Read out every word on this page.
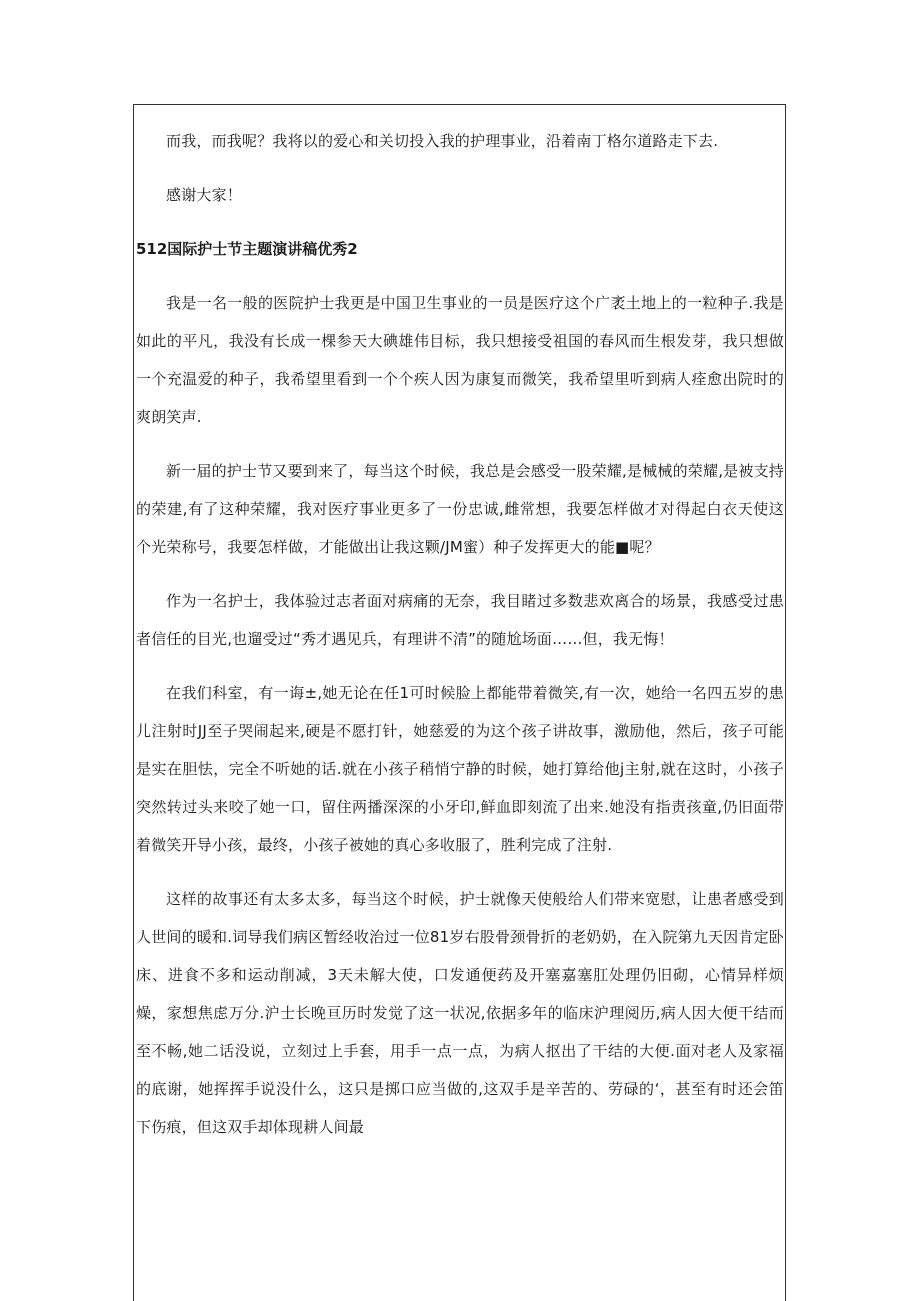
而我，而我呢？我将以的爱心和关切投入我的护理事业，沿着南丁格尔道路走下去.

感谢大家！

512国际护士节主题演讲稿优秀2

我是一名一般的医院护士我更是中国卫生事业的一员是医疗这个广袤土地上的一粒种子.我是如此的平凡，我没有长成一棵参天大碘雄伟目标，我只想接受祖国的春风而生根发芽，我只想做一个充温爱的种子，我希望里看到一个个疾人因为康复而微笑，我希望里听到病人痊愈出院时的爽朗笑声.

新一届的护士节又要到来了，每当这个时候，我总是会感受一股荣耀,是械械的荣耀,是被支持的荣建,有了这种荣耀，我对医疗事业更多了一份忠诚,雌常想，我要怎样做才对得起白衣天使这个光荣称号，我要怎样做，才能做出让我这颗/JM蜜）种子发挥更大的能■呢？

作为一名护士，我体验过志者面对病痛的无奈，我目睹过多数悲欢离合的场景，我感受过患者信任的目光,也遛受过“秀才遇见兵，有理讲不清”的随尬场面……但，我无悔！

在我们科室，有一诲±,她无论在任1可时候脸上都能带着微笑,有一次，她给一名四五岁的患儿注射时JJ至子哭闹起来,硬是不愿打针，她慈爱的为这个孩子讲故事，激励他，然后，孩子可能是实在胆怯，完全不听她的话.就在小孩子稍悄宁静的时候，她打算给他j主射,就在这时，小孩子突然转过头来咬了她一口，留住两播深深的小牙印,鲜血即刻流了出来.她没有指责孩童,仍旧面带着微笑开导小孩，最终，小孩子被她的真心多收服了，胜利完成了注射.

这样的故事还有太多太多，每当这个时候，护士就像天使般给人们带来宽慰，让患者感受到人世间的暖和.词导我们病区暂经收治过一位81岁右股骨颈骨折的老奶奶，在入院第九天因肯定卧床、进食不多和运动削减，3天未解大使，口发通便药及开塞嘉塞肛处理仍旧砌，心情异样烦燥，家想焦虑万分.沪士长晚亘历时发觉了这一状况,依据多年的临床沪理阅历,病人因大便干结而至不畅,她二话没说，立刻过上手套，用手一点一点，为病人抠出了干结的大便.面对老人及家福的底谢，她挥挥手说没什么，这只是掷口应当做的,这双手是辛苦的、劳碌的‘，甚至有时还会笛下伤痕，但这双手却体现耕人间最
